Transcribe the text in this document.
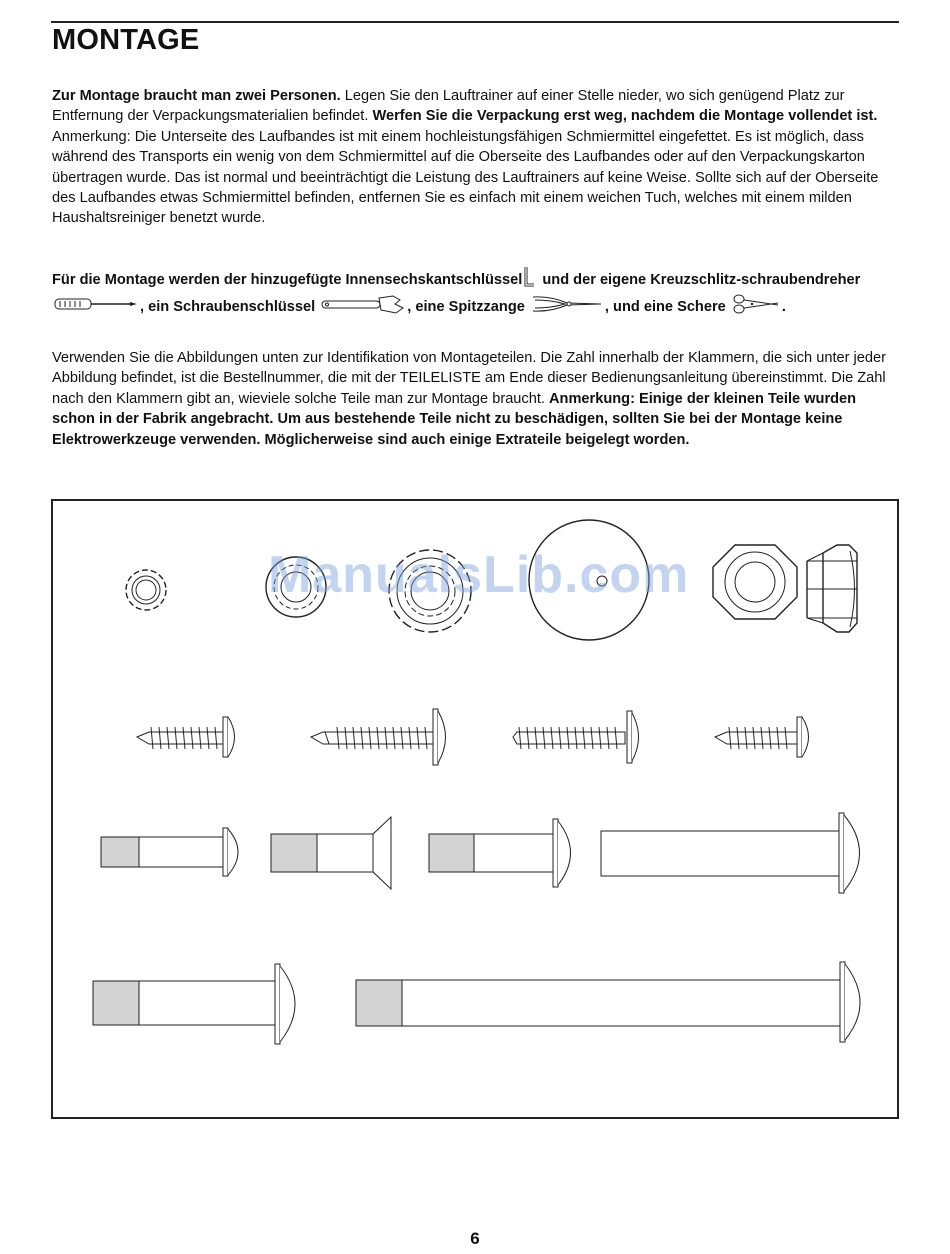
MONTAGE

Zur Montage braucht man zwei Personen. Legen Sie den Lauftrainer auf einer Stelle nieder, wo sich genügend Platz zur Entfernung der Verpackungsmaterialien befindet. Werfen Sie die Verpackung erst weg, nachdem die Montage vollendet ist. Anmerkung: Die Unterseite des Laufbandes ist mit einem hochleistungsfähigen Schmiermittel eingefettet. Es ist möglich, dass während des Transports ein wenig von dem Schmiermittel auf die Oberseite des Laufbandes oder auf den Verpackungskarton übertragen wurde. Das ist normal und beeinträchtigt die Leistung des Lauftrainers auf keine Weise. Sollte sich auf der Oberseite des Laufbandes etwas Schmiermittel befinden, entfernen Sie es einfach mit einem weichen Tuch, welches mit einem milden Haushaltsreiniger benetzt wurde.

Für die Montage werden der hinzugefügte Innensechskantschlüssel und der eigene Kreuzschlitz-schraubendreher , ein Schraubenschlüssel	, eine Spitzzange	, und eine Schere	.

Verwenden Sie die Abbildungen unten zur Identifikation von Montageteilen. Die Zahl innerhalb der Klammern, die sich unter jeder Abbildung befindet, ist die Bestellnummer, die mit der TEILELISTE am Ende dieser Bedienungsanleitung übereinstimmt. Die Zahl nach den Klammern gibt an, wieviele solche Teile man zur Montage braucht. Anmerkung: Einige der kleinen Teile wurden schon in der Fabrik angebracht. Um aus bestehende Teile nicht zu beschädigen, sollten Sie bei der Montage keine Elektrowerkzeuge verwenden. Möglicherweise sind auch einige Extrateile beigelegt worden.

ManualsLib.com
6
